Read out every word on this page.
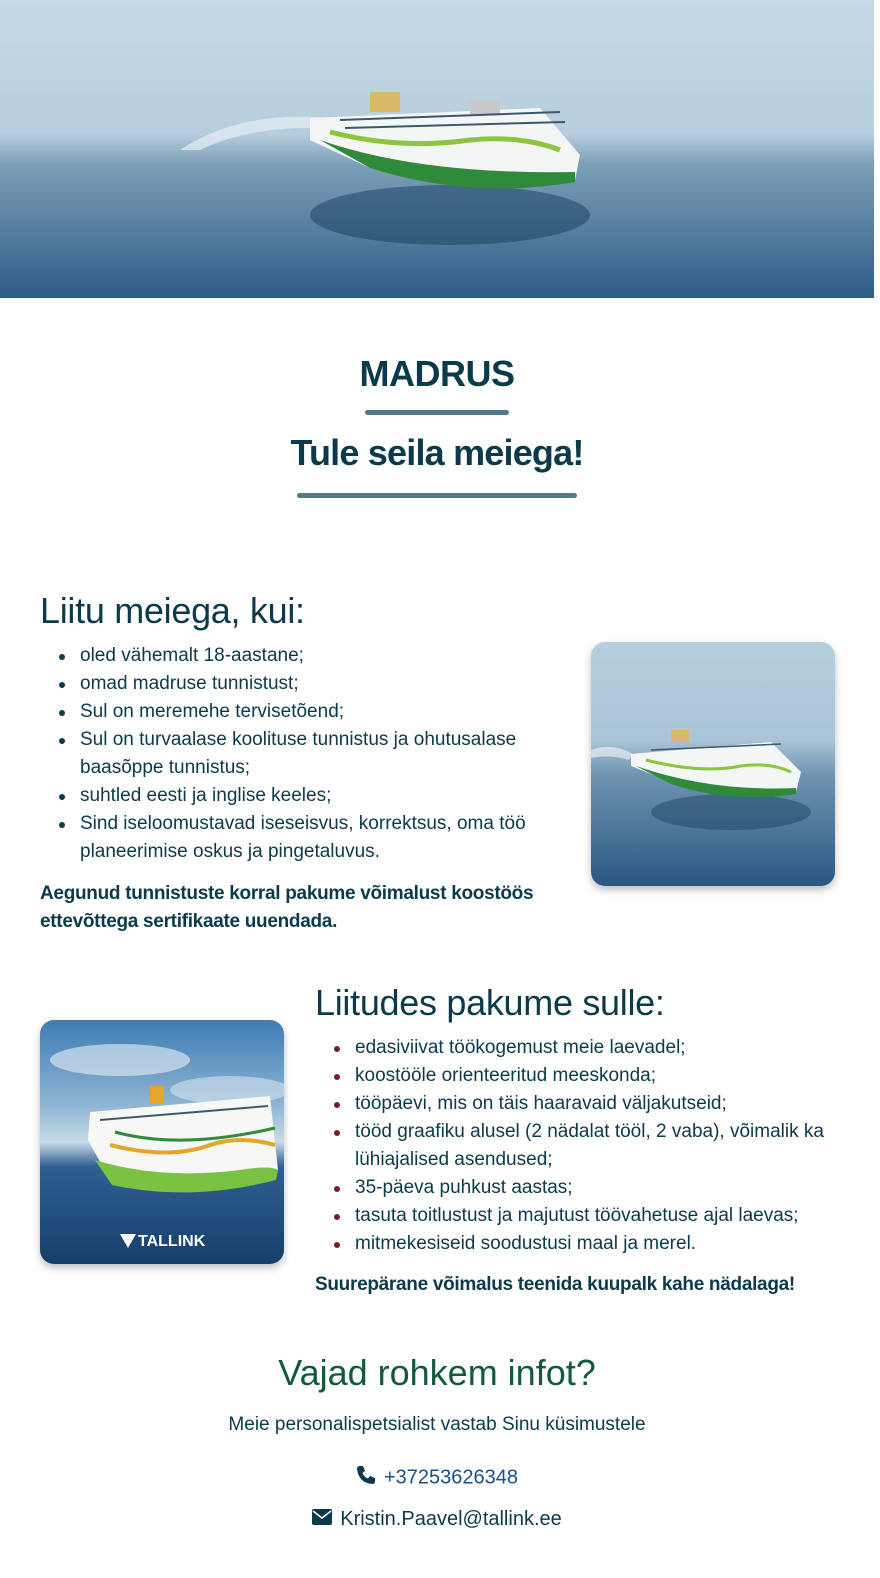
MADRUS
Tule seila meiega!
Liitu meiega, kui:
oled vähemalt 18-aastane;
omad madruse tunnistust;
Sul on meremehe tervisetõend;
Sul on turvaalase koolituse tunnistus ja ohutusalase baasõppe tunnistus;
suhtled eesti ja inglise keeles;
Sind iseloomustavad iseseisvus, korrektsus, oma töö planeerimise oskus ja pingetaluvus.
Aegunud tunnistuste korral pakume võimalust koostöös ettevõttega sertifikaate uuendada.
TALLINK
Liitudes pakume sulle:
edasiviivat töökogemust meie laevadel;
koostööle orienteeritud meeskonda;
tööpäevi, mis on täis haaravaid väljakutseid;
tööd graafiku alusel (2 nädalat tööl, 2 vaba), võimalik ka lühiajalised asendused;
35-päeva puhkust aastas;
tasuta toitlustust ja majutust töövahetuse ajal laevas;
mitmekesiseid soodustusi maal ja merel.
Suurepärane võimalus teenida kuupalk kahe nädalaga!
Vajad rohkem infot?
Meie personalispetsialist vastab Sinu küsimustele
+37253626348
Kristin.Paavel@tallink.ee
